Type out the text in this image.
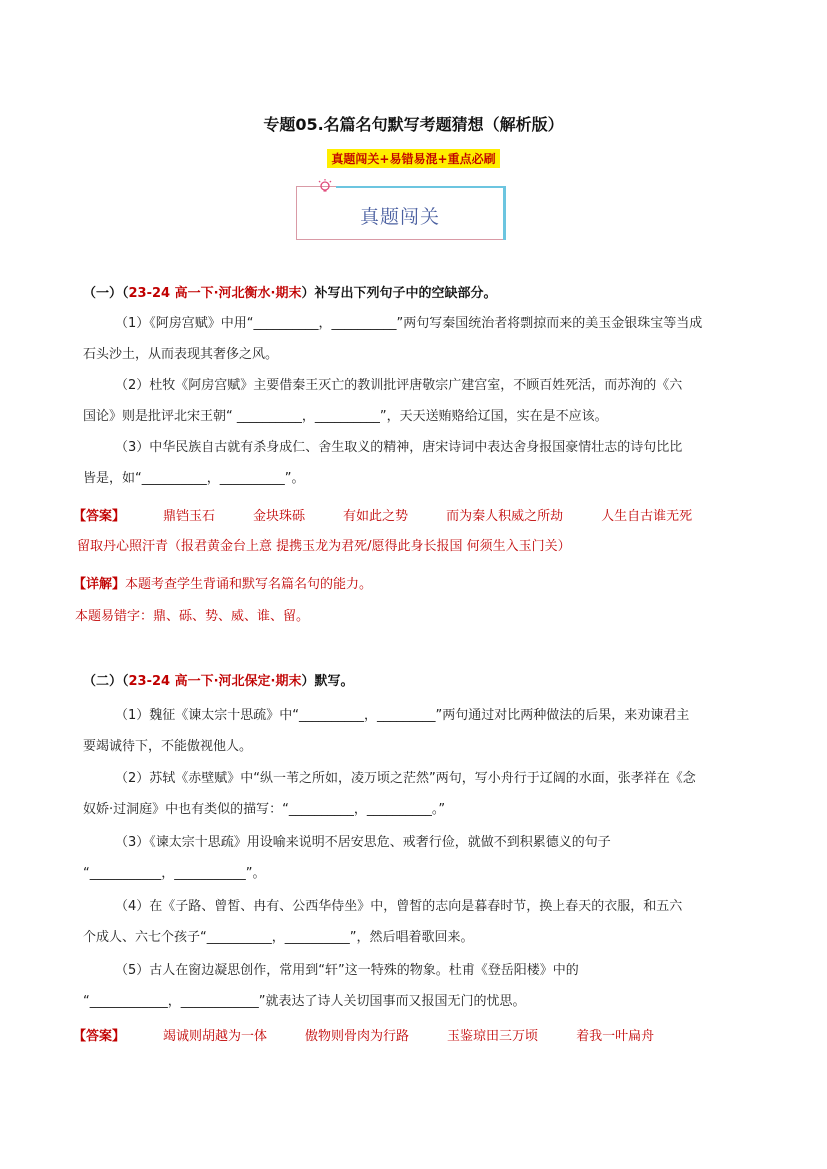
专题05.名篇名句默写考题猜想（解析版）
真题闯关+易错易混+重点必刷
真题闯关
（一）（23-24 高一下·河北衡水·期末）补写出下列句子中的空缺部分。
（1）《阿房宫赋》中用“__________，__________”两句写秦国统治者将剽掠而来的美玉金银珠宝等当成
石头沙土，从而表现其奢侈之风。
（2）杜牧《阿房宫赋》主要借秦王灭亡的教训批评唐敬宗广建宫室，不顾百姓死活，而苏洵的《六
国论》则是批评北宋王朝“ __________，__________”，天天送贿赂给辽国，实在是不应该。
（3）中华民族自古就有杀身成仁、舍生取义的精神，唐宋诗词中表达舍身报国豪情壮志的诗句比比
皆是，如“__________，__________”。
【答案】	鼎铛玉石	金块珠砾	有如此之势	而为秦人积威之所劫	人生自古谁无死
留取丹心照汗青（报君黄金台上意 提携玉龙为君死/愿得此身长报国 何须生入玉门关）
【详解】本题考查学生背诵和默写名篇名句的能力。
本题易错字：鼎、砾、势、威、谁、留。
（二）（23-24 高一下·河北保定·期末）默写。
（1）魏征《谏太宗十思疏》中“__________，_________”两句通过对比两种做法的后果，来劝谏君主
要竭诚待下，不能傲视他人。
（2）苏轼《赤壁赋》中“纵一苇之所如，凌万顷之茫然”两句，写小舟行于辽阔的水面，张孝祥在《念
奴娇·过洞庭》中也有类似的描写：“__________，__________。”
（3）《谏太宗十思疏》用设喻来说明不居安思危、戒奢行俭，就做不到积累德义的句子
“___________，___________”。
（4）在《子路、曾皙、冉有、公西华侍坐》中，曾皙的志向是暮春时节，换上春天的衣服，和五六
个成人、六七个孩子“__________，__________”，然后唱着歌回来。
（5）古人在窗边凝思创作，常用到“轩”这一特殊的物象。杜甫《登岳阳楼》中的
“____________，____________”就表达了诗人关切国事而又报国无门的忧思。
【答案】	竭诚则胡越为一体	傲物则骨肉为行路	玉鉴琼田三万顷	着我一叶扁舟
